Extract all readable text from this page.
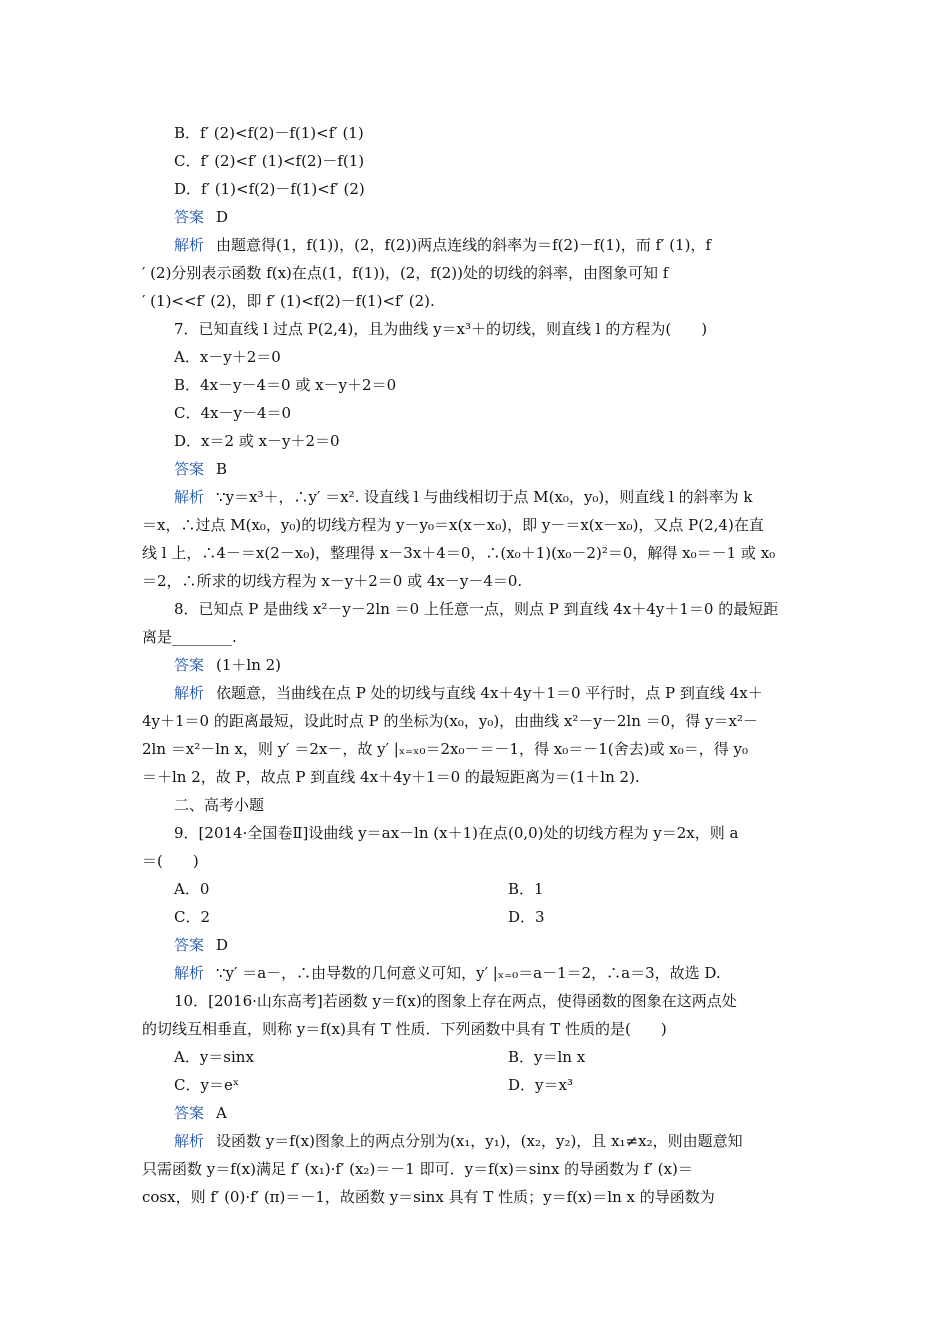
B．f′ (2)<f(2)－f(1)<f′ (1)
C．f′ (2)<f′ (1)<f(2)－f(1)
D．f′ (1)<f(2)－f(1)<f′ (2)
答案 D
解析 由题意得(1，f(1))，(2，f(2))两点连线的斜率为＝f(2)－f(1)，而 f′ (1)，f
′ (2)分别表示函数 f(x)在点(1，f(1))，(2，f(2))处的切线的斜率，由图象可知 f
′ (1)<<f′ (2)，即 f′ (1)<f(2)－f(1)<f′ (2).
7．已知直线 l 过点 P(2,4)，且为曲线 y＝x³＋的切线，则直线 l 的方程为(　　)
A．x－y＋2＝0
B．4x－y－4＝0 或 x－y＋2＝0
C．4x－y－4＝0
D．x＝2 或 x－y＋2＝0
答案 B
解析 ∵y＝x³＋，∴y′ ＝x². 设直线 l 与曲线相切于点 M(x₀，y₀)，则直线 l 的斜率为 k
＝x，∴过点 M(x₀，y₀)的切线方程为 y－y₀＝x(x－x₀)，即 y－＝x(x－x₀)，又点 P(2,4)在直
线 l 上，∴4－＝x(2－x₀)，整理得 x－3x＋4＝0，∴(x₀＋1)(x₀－2)²＝0，解得 x₀＝－1 或 x₀
＝2，∴所求的切线方程为 x－y＋2＝0 或 4x－y－4＝0.
8．已知点 P 是曲线 x²－y－2ln ＝0 上任意一点，则点 P 到直线 4x＋4y＋1＝0 的最短距
离是________.
答案 (1＋ln 2)
解析 依题意，当曲线在点 P 处的切线与直线 4x＋4y＋1＝0 平行时，点 P 到直线 4x＋
4y＋1＝0 的距离最短，设此时点 P 的坐标为(x₀，y₀)，由曲线 x²－y－2ln ＝0，得 y＝x²－
2ln ＝x²－ln x，则 y′ ＝2x－，故 y′ |ₓ₌ₓ₀＝2x₀－＝－1，得 x₀＝－1(舍去)或 x₀＝，得 y₀
＝＋ln 2，故 P，故点 P 到直线 4x＋4y＋1＝0 的最短距离为＝(1＋ln 2).
二、高考小题
9．[2014·全国卷Ⅱ]设曲线 y＝ax－ln (x＋1)在点(0,0)处的切线方程为 y＝2x，则 a
＝(　　)
A．0	B．1
C．2	D．3
答案 D
解析 ∵y′ ＝a－，∴由导数的几何意义可知，y′ |ₓ₌₀＝a－1＝2，∴a＝3，故选 D.
10．[2016·山东高考]若函数 y＝f(x)的图象上存在两点，使得函数的图象在这两点处
的切线互相垂直，则称 y＝f(x)具有 T 性质．下列函数中具有 T 性质的是(　　)
A．y＝sinx	B．y＝ln x
C．y＝eˣ	D．y＝x³
答案 A
解析 设函数 y＝f(x)图象上的两点分别为(x₁，y₁)，(x₂，y₂)，且 x₁≠x₂，则由题意知
只需函数 y＝f(x)满足 f′ (x₁)·f′ (x₂)＝－1 即可．y＝f(x)＝sinx 的导函数为 f′ (x)＝
cosx，则 f′ (0)·f′ (π)＝－1，故函数 y＝sinx 具有 T 性质；y＝f(x)＝ln x 的导函数为
